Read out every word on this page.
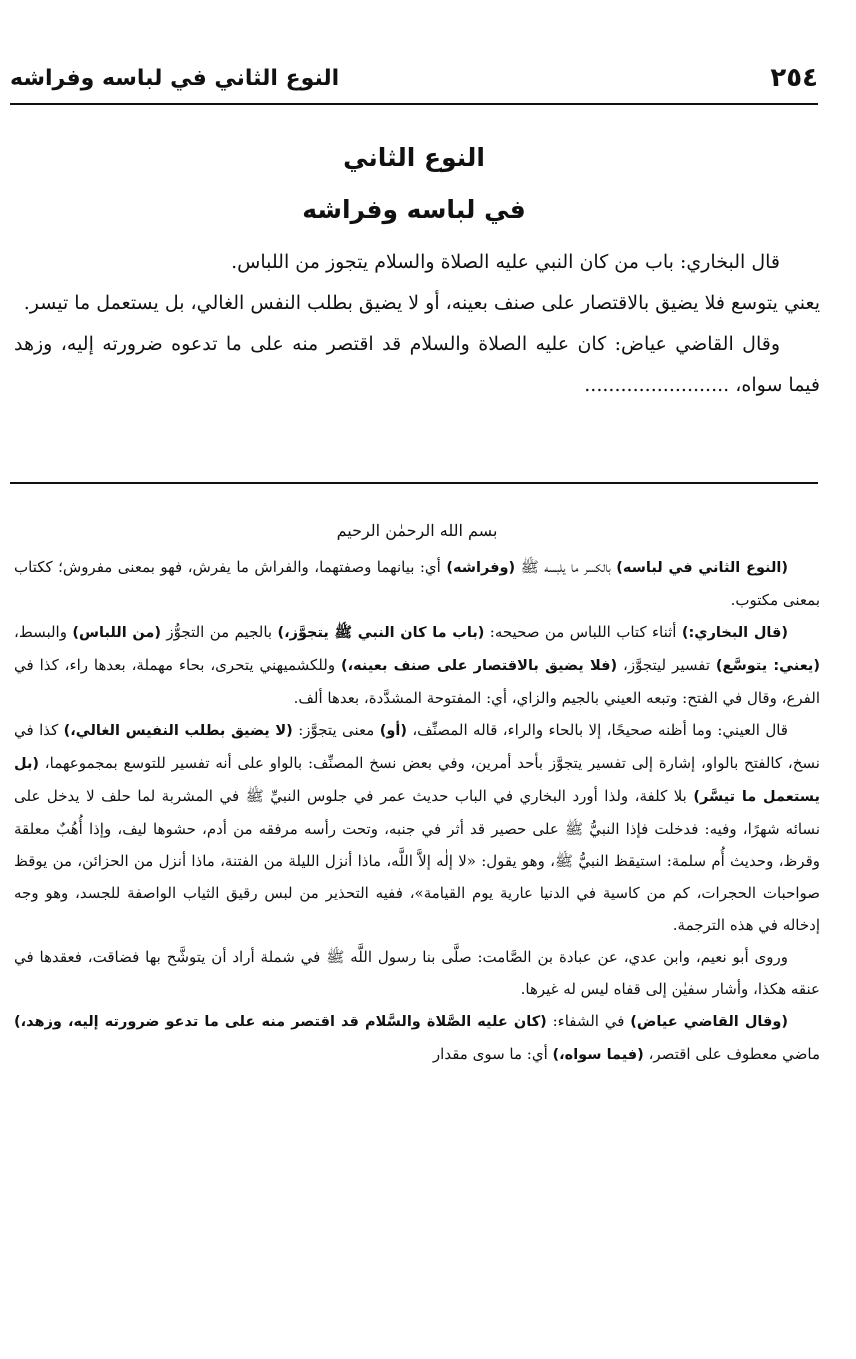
٢٥٤
النوع الثاني في لباسه وفراشه
النوع الثاني
في لباسه وفراشه

قال البخاري: باب من كان النبي عليه الصلاة والسلام يتجوز من اللباس.

يعني يتوسع فلا يضيق بالاقتصار على صنف بعينه، أو لا يضيق بطلب النفس الغالي، بل يستعمل ما تيسر.

وقال القاضي عياض: كان عليه الصلاة والسلام قد اقتصر منه على ما تدعوه ضرورته إليه، وزهد فيما سواه، ........................

بسم الله الرحمٰن الرحيم

(النوع الثاني في لباسه) بالكسر ما يلبسه ﷺ (وفراشه) أي: بيانهما وصفتهما، والفراش ما يفرش، فهو بمعنى مفروش؛ ككتاب بمعنى مكتوب.

(قال البخاري:) أثناء كتاب اللباس من صحيحه: (باب ما كان النبي ﷺ يتجوَّز،) بالجيم من التجوُّز (من اللباس) والبسط، (يعني: يتوسَّع) تفسير ليتجوَّز، (فلا يضيق بالاقتصار على صنف بعينه،) وللكشميهني يتحرى، بحاء مهملة، بعدها راء، كذا في الفرع، وقال في الفتح: وتبعه العيني بالجيم والزاي، أي: المفتوحة المشدَّدة، بعدها ألف.

قال العيني: وما أظنه صحيحًا، إلا بالحاء والراء، قاله المصنِّف، (أو) معنى يتجوَّز: (لا يضيق بطلب النفيس الغالي،) كذا في نسخ، كالفتح بالواو، إشارة إلى تفسير يتجوَّز بأحد أمرين، وفي بعض نسخ المصنِّف: بالواو على أنه تفسير للتوسع بمجموعهما، (بل يستعمل ما تيسَّر) بلا كلفة، ولذا أورد البخاري في الباب حديث عمر في جلوس النبيِّ ﷺ في المشربة لما حلف لا يدخل على نسائه شهرًا، وفيه: فدخلت فإذا النبيُّ ﷺ على حصير قد أثر في جنبه، وتحت رأسه مرفقه من أدم، حشوها ليف، وإذا أُهُبٌ معلقة وقرظ، وحديث أُم سلمة: استيقظ النبيُّ ﷺ، وهو يقول: «لا إلٰه إلاَّ اللَّه، ماذا أنزل الليلة من الفتنة، ماذا أنزل من الحزائن، من يوقظ صواحبات الحجرات، كم من كاسية في الدنيا عارية يوم القيامة»، ففيه التحذير من لبس رقيق الثياب الواصفة للجسد، وهو وجه إدخاله في هذه الترجمة.

وروى أبو نعيم، وابن عدي، عن عبادة بن الصَّامت: صلَّى بنا رسول اللَّه ﷺ في شملة أراد أن يتوشَّح بها فضاقت، فعقدها في عنقه هكذا، وأشار سفيٰن إلى قفاه ليس له غيرها.

(وقال القاضي عياض) في الشفاء: (كان عليه الصَّلاة والسَّلام قد اقتصر منه على ما تدعو ضرورته إليه، وزهد،) ماضي معطوف على اقتصر، (فيما سواه،) أي: ما سوى مقدار
